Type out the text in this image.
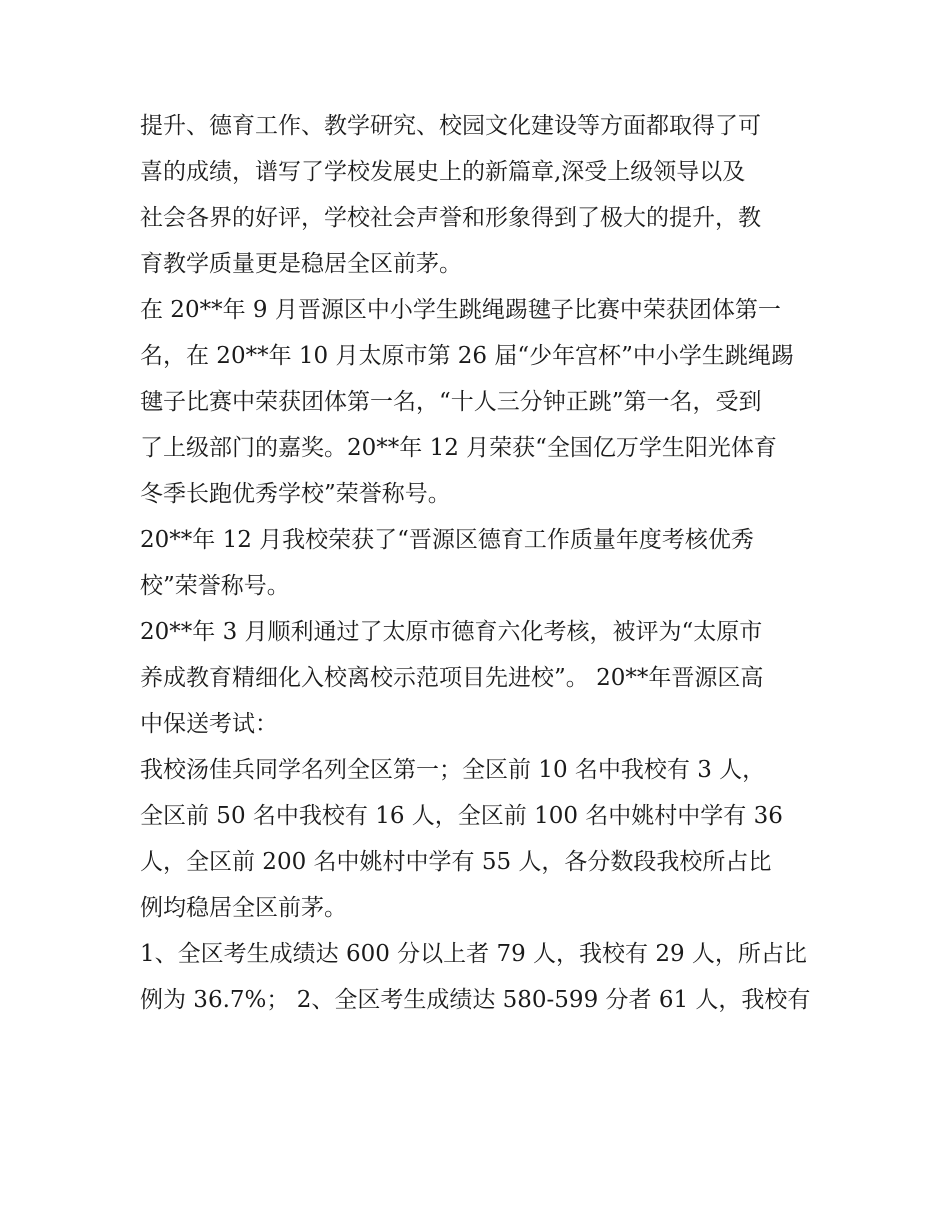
提升、德育工作、教学研究、校园文化建设等方面都取得了可
喜的成绩，谱写了学校发展史上的新篇章,深受上级领导以及
社会各界的好评，学校社会声誉和形象得到了极大的提升，教
育教学质量更是稳居全区前茅。
在 20**年 9 月晋源区中小学生跳绳踢毽子比赛中荣获团体第一
名，在 20**年 10 月太原市第 26 届“少年宫杯”中小学生跳绳踢
毽子比赛中荣获团体第一名，“十人三分钟正跳”第一名，受到
了上级部门的嘉奖。20**年 12 月荣获“全国亿万学生阳光体育
冬季长跑优秀学校”荣誉称号。
20**年 12 月我校荣获了“晋源区德育工作质量年度考核优秀
校”荣誉称号。
20**年 3 月顺利通过了太原市德育六化考核，被评为“太原市
养成教育精细化入校离校示范项目先进校”。 20**年晋源区高
中保送考试：
我校汤佳兵同学名列全区第一；全区前 10 名中我校有 3 人，
全区前 50 名中我校有 16 人，全区前 100 名中姚村中学有 36
人，全区前 200 名中姚村中学有 55 人，各分数段我校所占比
例均稳居全区前茅。
1、全区考生成绩达 600 分以上者 79 人，我校有 29 人，所占比
例为 36.7%； 2、全区考生成绩达 580-599 分者 61 人，我校有
